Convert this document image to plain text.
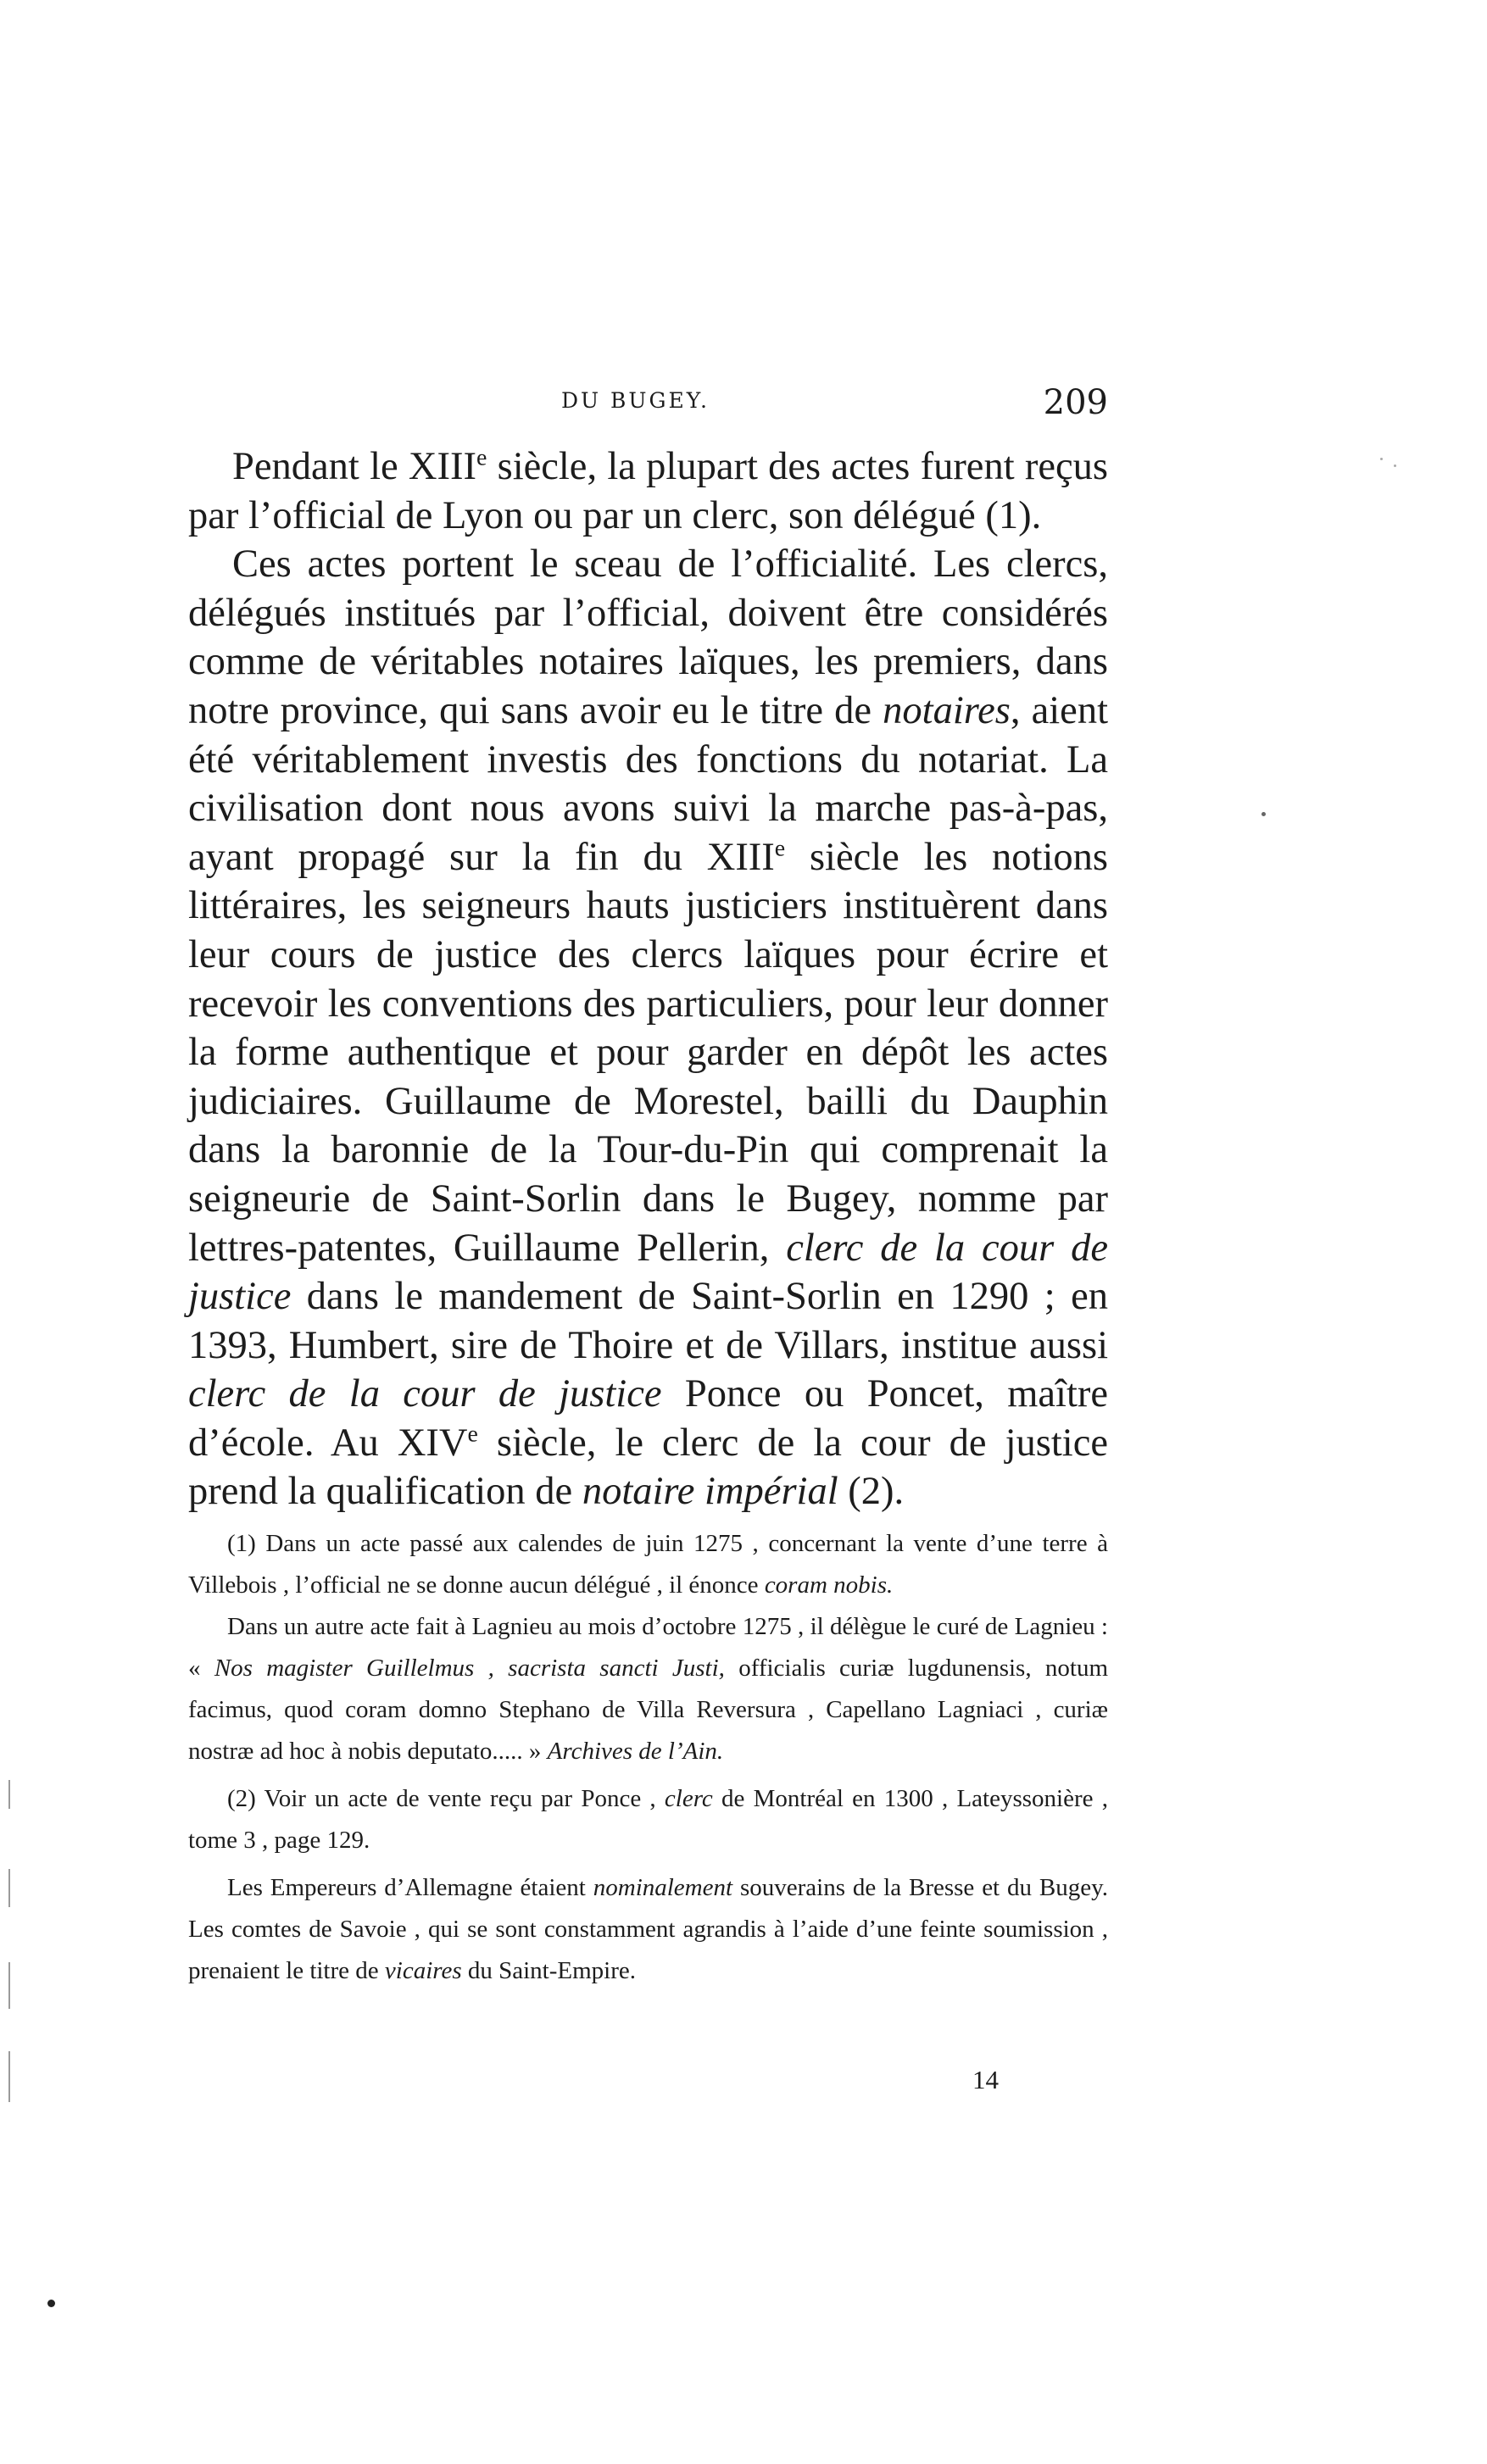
DU BUGEY.	209

Pendant le XIIIe siècle, la plupart des actes furent reçus par l’official de Lyon ou par un clerc, son délégué (1).

Ces actes portent le sceau de l’officialité. Les clercs, délégués institués par l’official, doivent être considérés comme de véritables notaires laïques, les premiers, dans notre province, qui sans avoir eu le titre de notaires, aient été véritablement investis des fonctions du notariat. La civilisation dont nous avons suivi la marche pas-à-pas, ayant propagé sur la fin du XIIIe siècle les notions littéraires, les seigneurs hauts justiciers instituèrent dans leur cours de justice des clercs laïques pour écrire et recevoir les conventions des particuliers, pour leur donner la forme authentique et pour garder en dépôt les actes judiciaires. Guillaume de Morestel, bailli du Dauphin dans la baronnie de la Tour-du-Pin qui comprenait la seigneurie de Saint-Sorlin dans le Bugey, nomme par lettres-patentes, Guillaume Pellerin, clerc de la cour de justice dans le mandement de Saint-Sorlin en 1290 ; en 1393, Humbert, sire de Thoire et de Villars, institue aussi clerc de la cour de justice Ponce ou Poncet, maître d’école. Au XIVe siècle, le clerc de la cour de justice prend la qualification de notaire impérial (2).

(1) Dans un acte passé aux calendes de juin 1275 , concernant la vente d’une terre à Villebois , l’official ne se donne aucun délégué , il énonce coram nobis.

Dans un autre acte fait à Lagnieu au mois d’octobre 1275 , il délègue le curé de Lagnieu : « Nos magister Guillelmus , sacrista sancti Justi, officialis curiæ lugdunensis, notum facimus, quod coram domno Stephano de Villa Reversura , Capellano Lagniaci , curiæ nostræ ad hoc à nobis deputato..... » Archives de l’Ain.

(2) Voir un acte de vente reçu par Ponce , clerc de Montréal en 1300 , Lateyssonière , tome 3 , page 129.

Les Empereurs d’Allemagne étaient nominalement souverains de la Bresse et du Bugey. Les comtes de Savoie , qui se sont constamment agrandis à l’aide d’une feinte soumission , prenaient le titre de vicaires du Saint-Empire.

14
